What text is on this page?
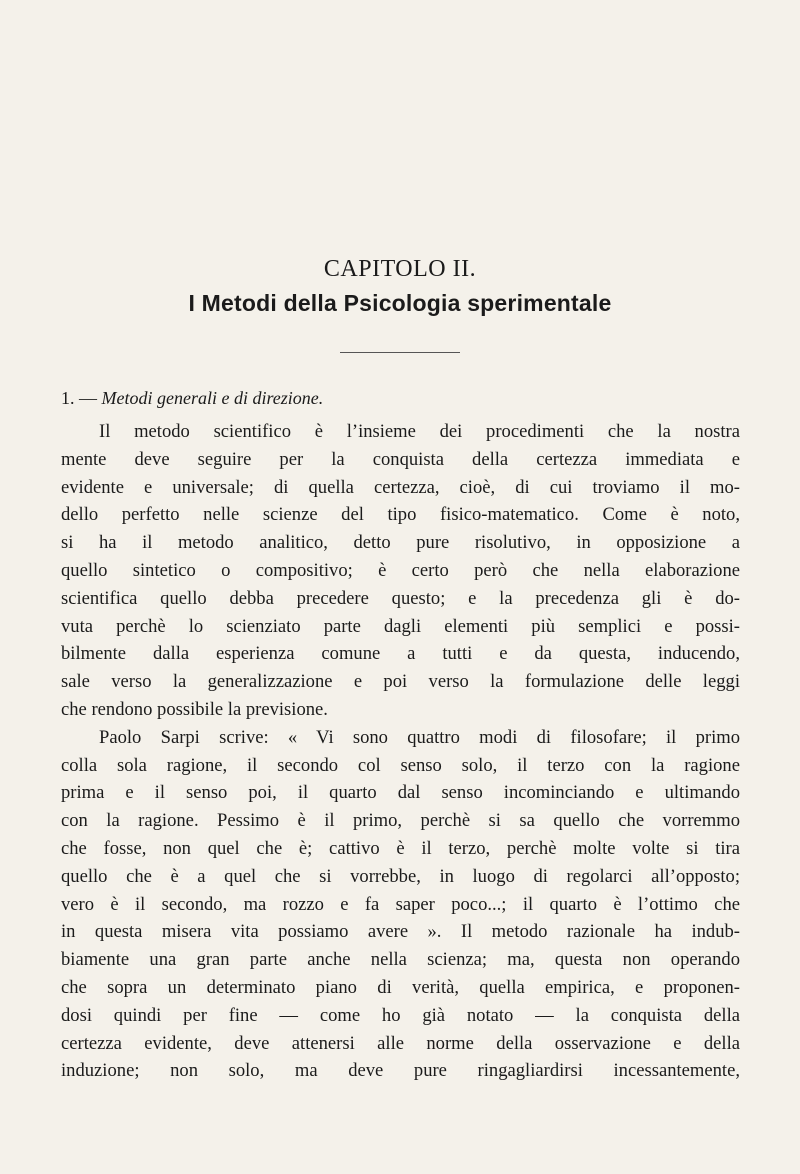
CAPITOLO II.
I Metodi della Psicologia sperimentale

1. — Metodi generali e di direzione.

Il metodo scientifico è l’insieme dei procedimenti che la nostra
mente deve seguire per la conquista della certezza immediata e
evidente e universale; di quella certezza, cioè, di cui troviamo il mo-
dello perfetto nelle scienze del tipo fisico-matematico. Come è noto,
si ha il metodo analitico, detto pure risolutivo, in opposizione a
quello sintetico o compositivo; è certo però che nella elaborazione
scientifica quello debba precedere questo; e la precedenza gli è do-
vuta perchè lo scienziato parte dagli elementi più semplici e possi-
bilmente dalla esperienza comune a tutti e da questa, inducendo,
sale verso la generalizzazione e poi verso la formulazione delle leggi
che rendono possibile la previsione.
Paolo Sarpi scrive: « Vi sono quattro modi di filosofare; il primo
colla sola ragione, il secondo col senso solo, il terzo con la ragione
prima e il senso poi, il quarto dal senso incominciando e ultimando
con la ragione. Pessimo è il primo, perchè si sa quello che vorremmo
che fosse, non quel che è; cattivo è il terzo, perchè molte volte si tira
quello che è a quel che si vorrebbe, in luogo di regolarci all’opposto;
vero è il secondo, ma rozzo e fa saper poco...; il quarto è l’ottimo che
in questa misera vita possiamo avere ». Il metodo razionale ha indub-
biamente una gran parte anche nella scienza; ma, questa non operando
che sopra un determinato piano di verità, quella empirica, e proponen-
dosi quindi per fine — come ho già notato — la conquista della
certezza evidente, deve attenersi alle norme della osservazione e della
induzione; non solo, ma deve pure ringagliardirsi incessantemente,
